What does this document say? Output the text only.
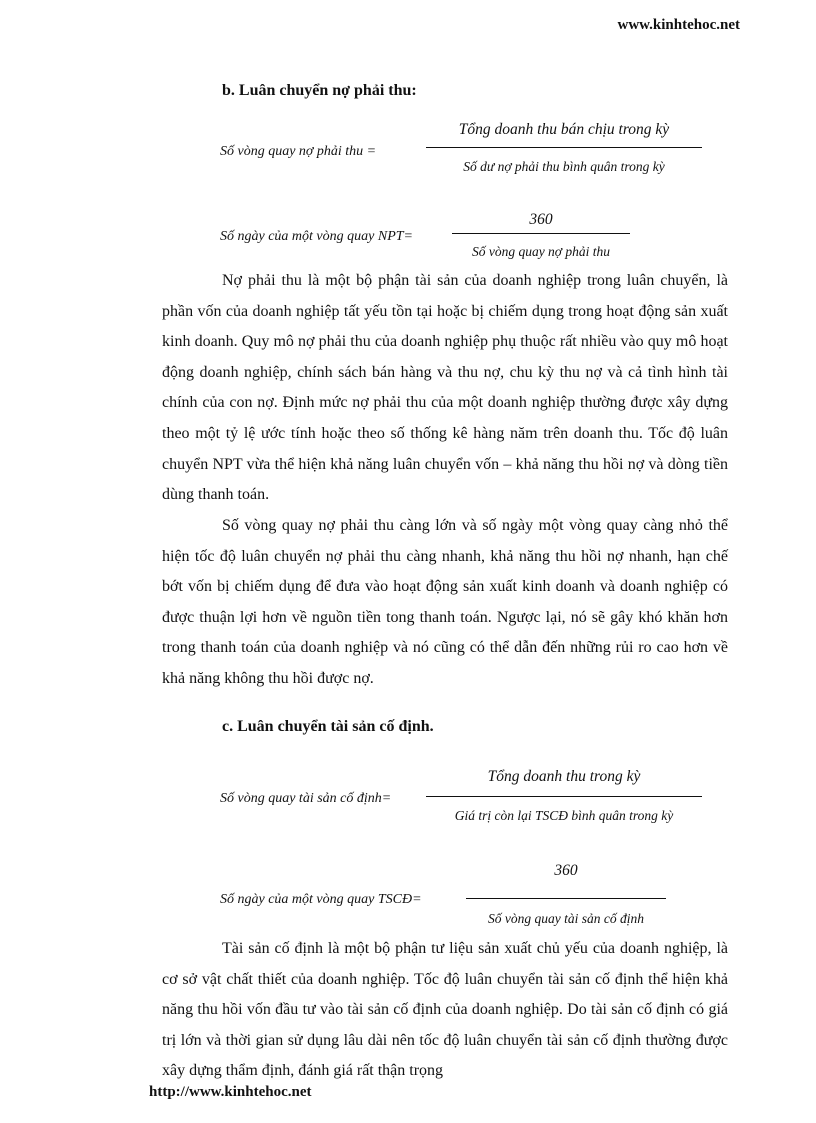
www.kinhtehoc.net
b. Luân chuyển nợ phải thu:
Số vòng quay nợ phải thu =
Tổng doanh thu bán chịu trong kỳ
Số dư nợ phải thu bình quân trong kỳ
Số ngày của một vòng quay NPT=
360
Số vòng quay nợ phải thu

Nợ phải thu là một bộ phận tài sản của doanh nghiệp trong luân chuyển, là phần vốn của doanh nghiệp tất yếu tồn tại hoặc bị chiếm dụng trong hoạt động sản xuất kinh doanh. Quy mô nợ phải thu của doanh nghiệp phụ thuộc rất nhiều vào quy mô hoạt động doanh nghiệp, chính sách bán hàng và thu nợ, chu kỳ thu nợ và cả tình hình tài chính của con nợ. Định mức nợ phải thu của một doanh nghiệp thường được xây dựng theo một tỷ lệ ước tính hoặc theo số thống kê hàng năm trên doanh thu. Tốc độ luân chuyển NPT vừa thể hiện khả năng luân chuyển vốn – khả năng thu hồi nợ và dòng tiền dùng thanh toán.

Số vòng quay nợ phải thu càng lớn và số ngày một vòng quay càng nhỏ thể hiện tốc độ luân chuyển nợ phải thu càng nhanh, khả năng thu hồi nợ nhanh, hạn chế bớt vốn bị chiếm dụng để đưa vào hoạt động sản xuất kinh doanh và doanh nghiệp có được thuận lợi hơn về nguồn tiền tong thanh toán. Ngược lại, nó sẽ gây khó khăn hơn trong thanh toán của doanh nghiệp và nó cũng có thể dẫn đến những rủi ro cao hơn về khả năng không thu hồi được nợ.

c. Luân chuyển tài sản cố định.
Số vòng quay tài sản cố định=
Tổng doanh thu trong kỳ
Giá trị còn lại TSCĐ bình quân trong kỳ
Số ngày của một vòng quay TSCĐ=
360
Số vòng quay tài sản cố định

Tài sản cố định là một bộ phận tư liệu sản xuất chủ yếu của doanh nghiệp, là cơ sở vật chất thiết của doanh nghiệp. Tốc độ luân chuyển tài sản cố định thể hiện khả năng thu hồi vốn đầu tư vào tài sản cố định của doanh nghiệp. Do tài sản cố định có giá trị lớn và thời gian sử dụng lâu dài nên tốc độ luân chuyển tài sản cố định thường được xây dựng thẩm định, đánh giá rất thận trọng

http://www.kinhtehoc.net
